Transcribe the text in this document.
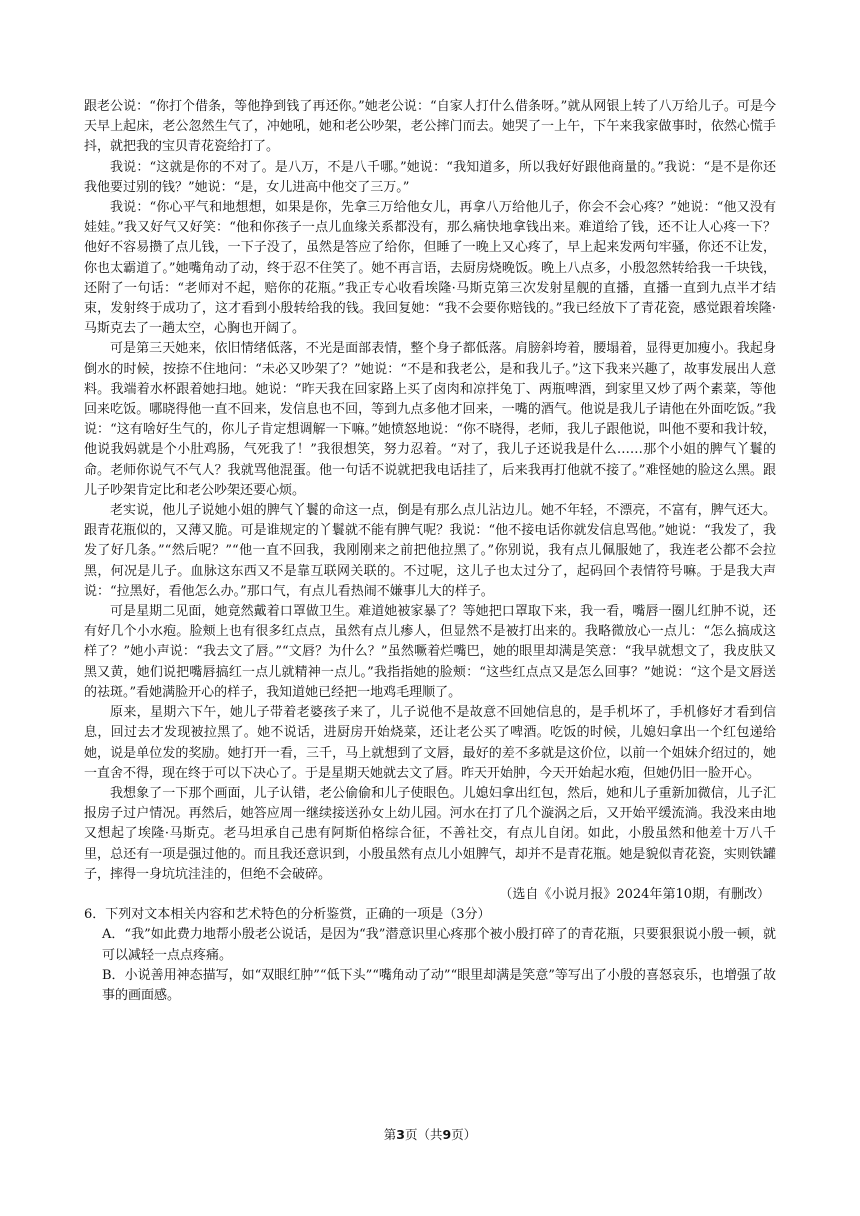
跟老公说：“你打个借条，等他挣到钱了再还你。”她老公说：“自家人打什么借条呀。”就从网银上转了八万给儿子。可是今天早上起床，老公忽然生气了，冲她吼，她和老公吵架，老公摔门而去。她哭了一上午，下午来我家做事时，依然心慌手抖，就把我的宝贝青花瓷给打了。

我说：“这就是你的不对了。是八万，不是八千哪。”她说：“我知道多，所以我好好跟他商量的。”我说：“是不是你还我他要过别的钱？”她说：“是，女儿进高中他交了三万。”

我说：“你心平气和地想想，如果是你，先拿三万给他女儿，再拿八万给他儿子，你会不会心疼？”她说：“他又没有娃娃。”我又好气又好笑：“他和你孩子一点儿血缘关系都没有，那么痛快地拿钱出来。难道给了钱，还不让人心疼一下？他好不容易攒了点儿钱，一下子没了，虽然是答应了给你，但睡了一晚上又心疼了，早上起来发两句牢骚，你还不让发，你也太霸道了。”她嘴角动了动，终于忍不住笑了。她不再言语，去厨房烧晚饭。晚上八点多，小殷忽然转给我一千块钱，还附了一句话：“老师对不起，赔你的花瓶。”我正专心收看埃隆·马斯克第三次发射星舰的直播，直播一直到九点半才结束，发射终于成功了，这才看到小殷转给我的钱。我回复她：“我不会要你赔钱的。”我已经放下了青花瓷，感觉跟着埃隆·马斯克去了一趟太空，心胸也开阔了。

可是第三天她来，依旧情绪低落，不光是面部表情，整个身子都低落。肩膀斜垮着，腰塌着，显得更加瘦小。我起身倒水的时候，按捺不住地问：“未必又吵架了？”她说：“不是和我老公，是和我儿子。”这下我来兴趣了，故事发展出人意料。我端着水杯跟着她扫地。她说：“昨天我在回家路上买了卤肉和凉拌兔丁、两瓶啤酒，到家里又炒了两个素菜，等他回来吃饭。哪晓得他一直不回来，发信息也不回，等到九点多他才回来，一嘴的酒气。他说是我儿子请他在外面吃饭。”我说：“这有啥好生气的，你儿子肯定想调解一下嘛。”她愤怒地说：“你不晓得，老师，我儿子跟他说，叫他不要和我计较，他说我妈就是个小肚鸡肠，气死我了！”我很想笑，努力忍着。“对了，我儿子还说我是什么……那个小姐的脾气丫鬟的命。老师你说气不气人？我就骂他混蛋。他一句话不说就把我电话挂了，后来我再打他就不接了。”难怪她的脸这么黑。跟儿子吵架肯定比和老公吵架还要心烦。

老实说，他儿子说她小姐的脾气丫鬟的命这一点，倒是有那么点儿沾边儿。她不年轻，不漂亮，不富有，脾气还大。跟青花瓶似的，又薄又脆。可是谁规定的丫鬟就不能有脾气呢？我说：“他不接电话你就发信息骂他。”她说：“我发了，我发了好几条。”“然后呢？”“他一直不回我，我刚刚来之前把他拉黑了。”你别说，我有点儿佩服她了，我连老公都不会拉黑，何况是儿子。血脉这东西又不是靠互联网关联的。不过呢，这儿子也太过分了，起码回个表情符号嘛。于是我大声说：“拉黑好，看他怎么办。”那口气，有点儿看热闹不嫌事儿大的样子。

可是星期二见面，她竟然戴着口罩做卫生。难道她被家暴了？等她把口罩取下来，我一看，嘴唇一圈儿红肿不说，还有好几个小水疱。脸颊上也有很多红点点，虽然有点儿瘆人，但显然不是被打出来的。我略微放心一点儿：“怎么搞成这样了？”她小声说：“我去文了唇。”“文唇？为什么？”虽然噘着烂嘴巴，她的眼里却满是笑意：“我早就想文了，我皮肤又黑又黄，她们说把嘴唇搞红一点儿就精神一点儿。”我指指她的脸颊：“这些红点点又是怎么回事？”她说：“这个是文唇送的祛斑。”看她满脸开心的样子，我知道她已经把一地鸡毛理顺了。

原来，星期六下午，她儿子带着老婆孩子来了，儿子说他不是故意不回她信息的，是手机坏了，手机修好才看到信息，回过去才发现被拉黑了。她不说话，进厨房开始烧菜，还让老公买了啤酒。吃饭的时候，儿媳妇拿出一个红包递给她，说是单位发的奖励。她打开一看，三千，马上就想到了文唇，最好的差不多就是这价位，以前一个姐妹介绍过的，她一直舍不得，现在终于可以下决心了。于是星期天她就去文了唇。昨天开始肿，今天开始起水疱，但她仍旧一脸开心。

我想象了一下那个画面，儿子认错，老公偷偷和儿子使眼色。儿媳妇拿出红包，然后，她和儿子重新加微信，儿子汇报房子过户情况。再然后，她答应周一继续接送孙女上幼儿园。河水在打了几个漩涡之后，又开始平缓流淌。我没来由地又想起了埃隆·马斯克。老马坦承自己患有阿斯伯格综合征，不善社交，有点儿自闭。如此，小殷虽然和他差十万八千里，总还有一项是强过他的。而且我还意识到，小殷虽然有点儿小姐脾气，却并不是青花瓶。她是貌似青花瓷，实则铁罐子，摔得一身坑坑洼洼的，但绝不会破碎。

（选自《小说月报》2024年第10期，有删改）

6．下列对文本相关内容和艺术特色的分析鉴赏，正确的一项是（3分）

A．“我”如此费力地帮小殷老公说话，是因为“我”潜意识里心疼那个被小殷打碎了的青花瓶，只要狠狠说小殷一顿，就可以减轻一点点疼痛。

B．小说善用神态描写，如“双眼红肿”“低下头”“嘴角动了动”“眼里却满是笑意”等写出了小殷的喜怒哀乐，也增强了故事的画面感。

第3页（共9页）
